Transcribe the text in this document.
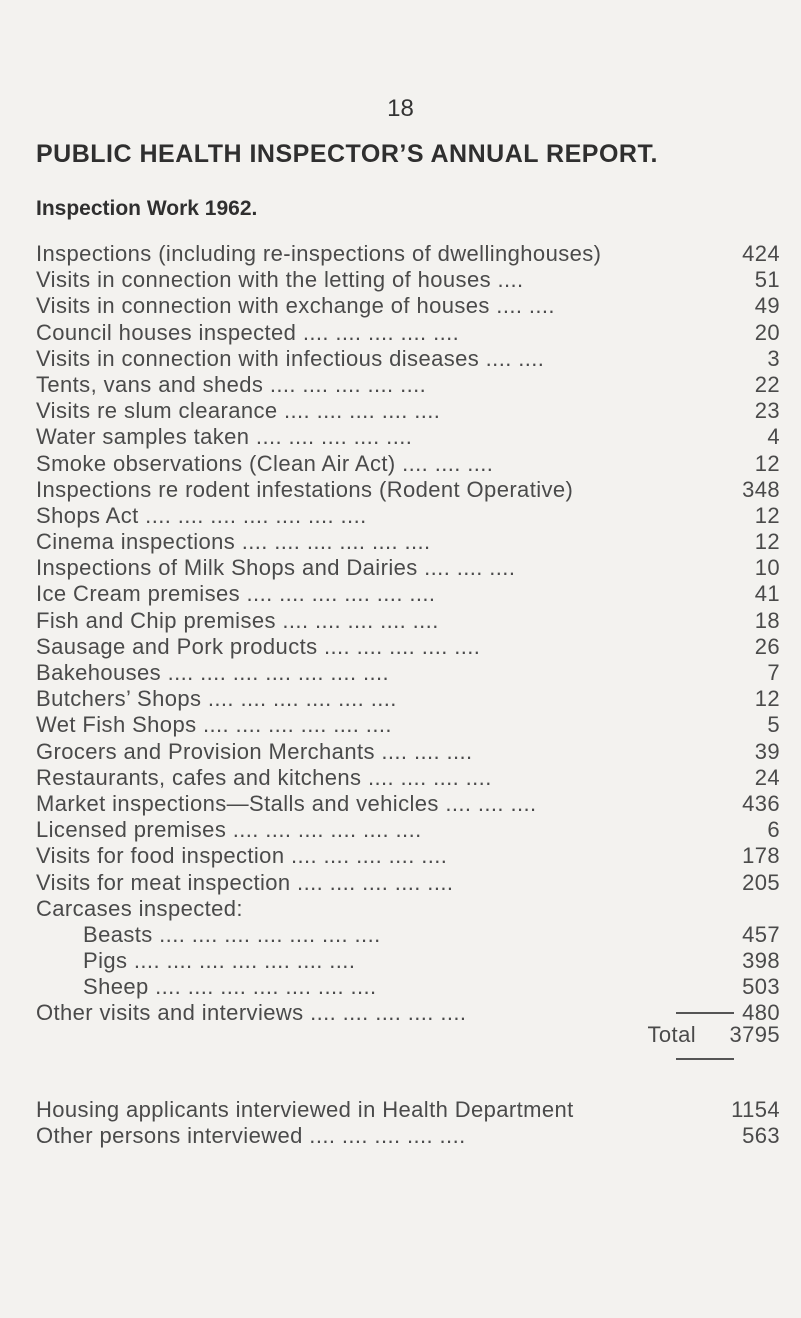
18
PUBLIC HEALTH INSPECTOR’S ANNUAL REPORT.
Inspection Work 1962.
Inspections (including re-inspections of dwellinghouses)	424
Visits in connection with the letting of houses ....	51
Visits in connection with exchange of houses .... ....	49
Council houses inspected .... .... .... .... ....	20
Visits in connection with infectious diseases .... ....	3
Tents, vans and sheds .... .... .... .... ....	22
Visits re slum clearance .... .... .... .... ....	23
Water samples taken .... .... .... .... ....	4
Smoke observations (Clean Air Act) .... .... ....	12
Inspections re rodent infestations (Rodent Operative)	348
Shops Act .... .... .... .... .... .... ....	12
Cinema inspections .... .... .... .... .... ....	12
Inspections of Milk Shops and Dairies .... .... ....	10
Ice Cream premises .... .... .... .... .... ....	41
Fish and Chip premises .... .... .... .... ....	18
Sausage and Pork products .... .... .... .... ....	26
Bakehouses .... .... .... .... .... .... ....	7
Butchers’ Shops .... .... .... .... .... ....	12
Wet Fish Shops .... .... .... .... .... ....	5
Grocers and Provision Merchants .... .... ....	39
Restaurants, cafes and kitchens .... .... .... ....	24
Market inspections—Stalls and vehicles .... .... ....	436
Licensed premises .... .... .... .... .... ....	6
Visits for food inspection .... .... .... .... ....	178
Visits for meat inspection .... .... .... .... ....	205
Carcases inspected:
Beasts .... .... .... .... .... .... ....	457
Pigs .... .... .... .... .... .... ....	398
Sheep .... .... .... .... .... .... ....	503
Other visits and interviews .... .... .... .... ....	480
Total 3795
Housing applicants interviewed in Health Department	1154
Other persons interviewed .... .... .... .... ....	563
